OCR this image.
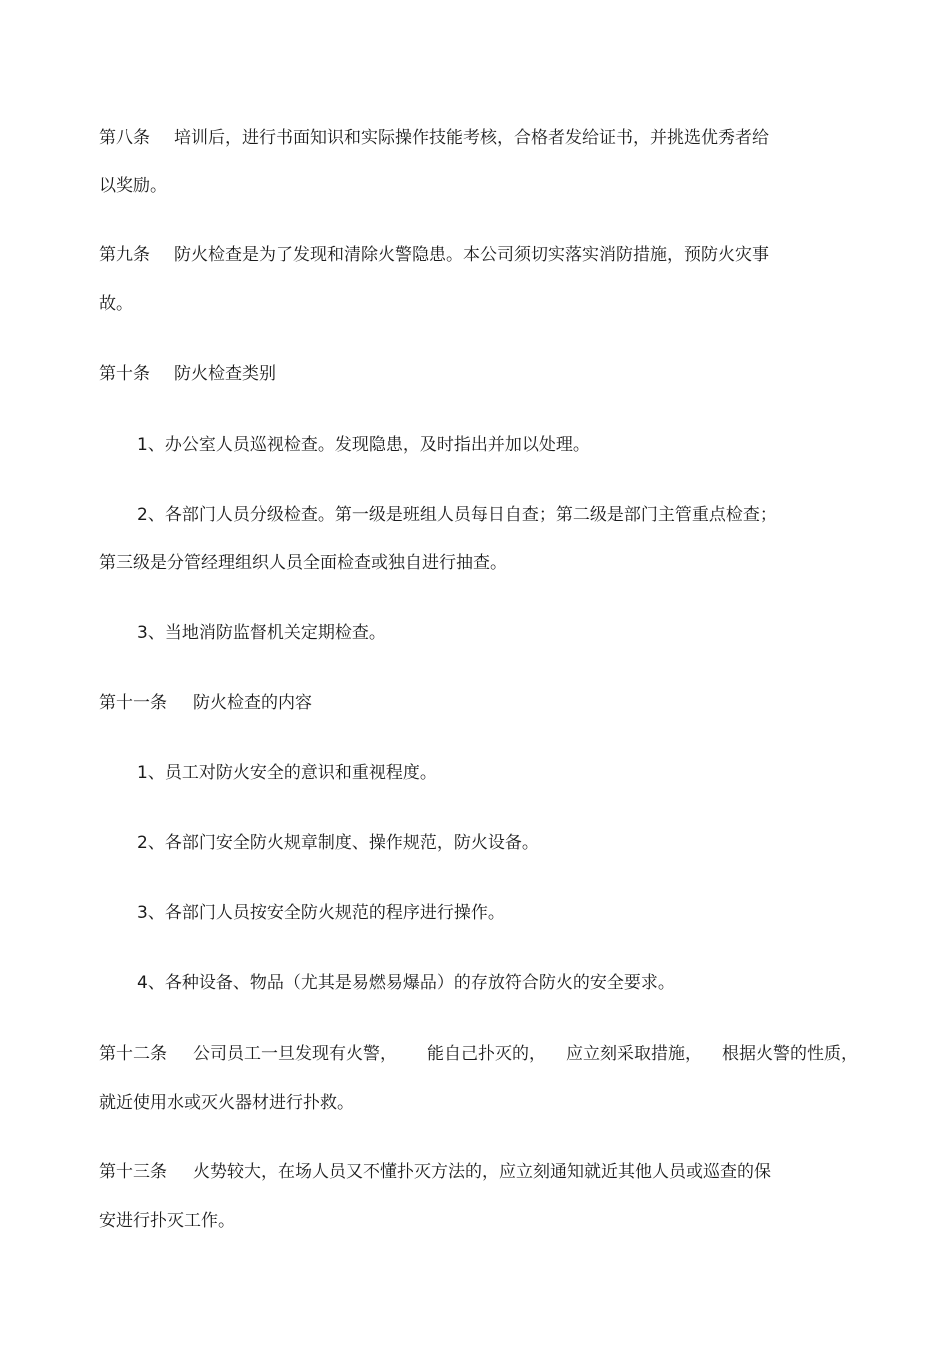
第八条 培训后，进行书面知识和实际操作技能考核，合格者发给证书，并挑选优秀者给
以奖励。
第九条 防火检查是为了发现和清除火警隐患。本公司须切实落实消防措施，预防火灾事
故。
第十条 防火检查类别
1、办公室人员巡视检查。发现隐患，及时指出并加以处理。
2、各部门人员分级检查。第一级是班组人员每日自查；第二级是部门主管重点检查；
第三级是分管经理组织人员全面检查或独自进行抽查。
3、当地消防监督机关定期检查。
第十一条 防火检查的内容
1、员工对防火安全的意识和重视程度。
2、各部门安全防火规章制度、操作规范，防火设备。
3、各部门人员按安全防火规范的程序进行操作。
4、各种设备、物品（尤其是易燃易爆品）的存放符合防火的安全要求。
第十二条 公司员工一旦发现有火警， 能自己扑灭的， 应立刻采取措施， 根据火警的性质，
就近使用水或灭火器材进行扑救。
第十三条 火势较大，在场人员又不懂扑灭方法的，应立刻通知就近其他人员或巡查的保
安进行扑灭工作。
